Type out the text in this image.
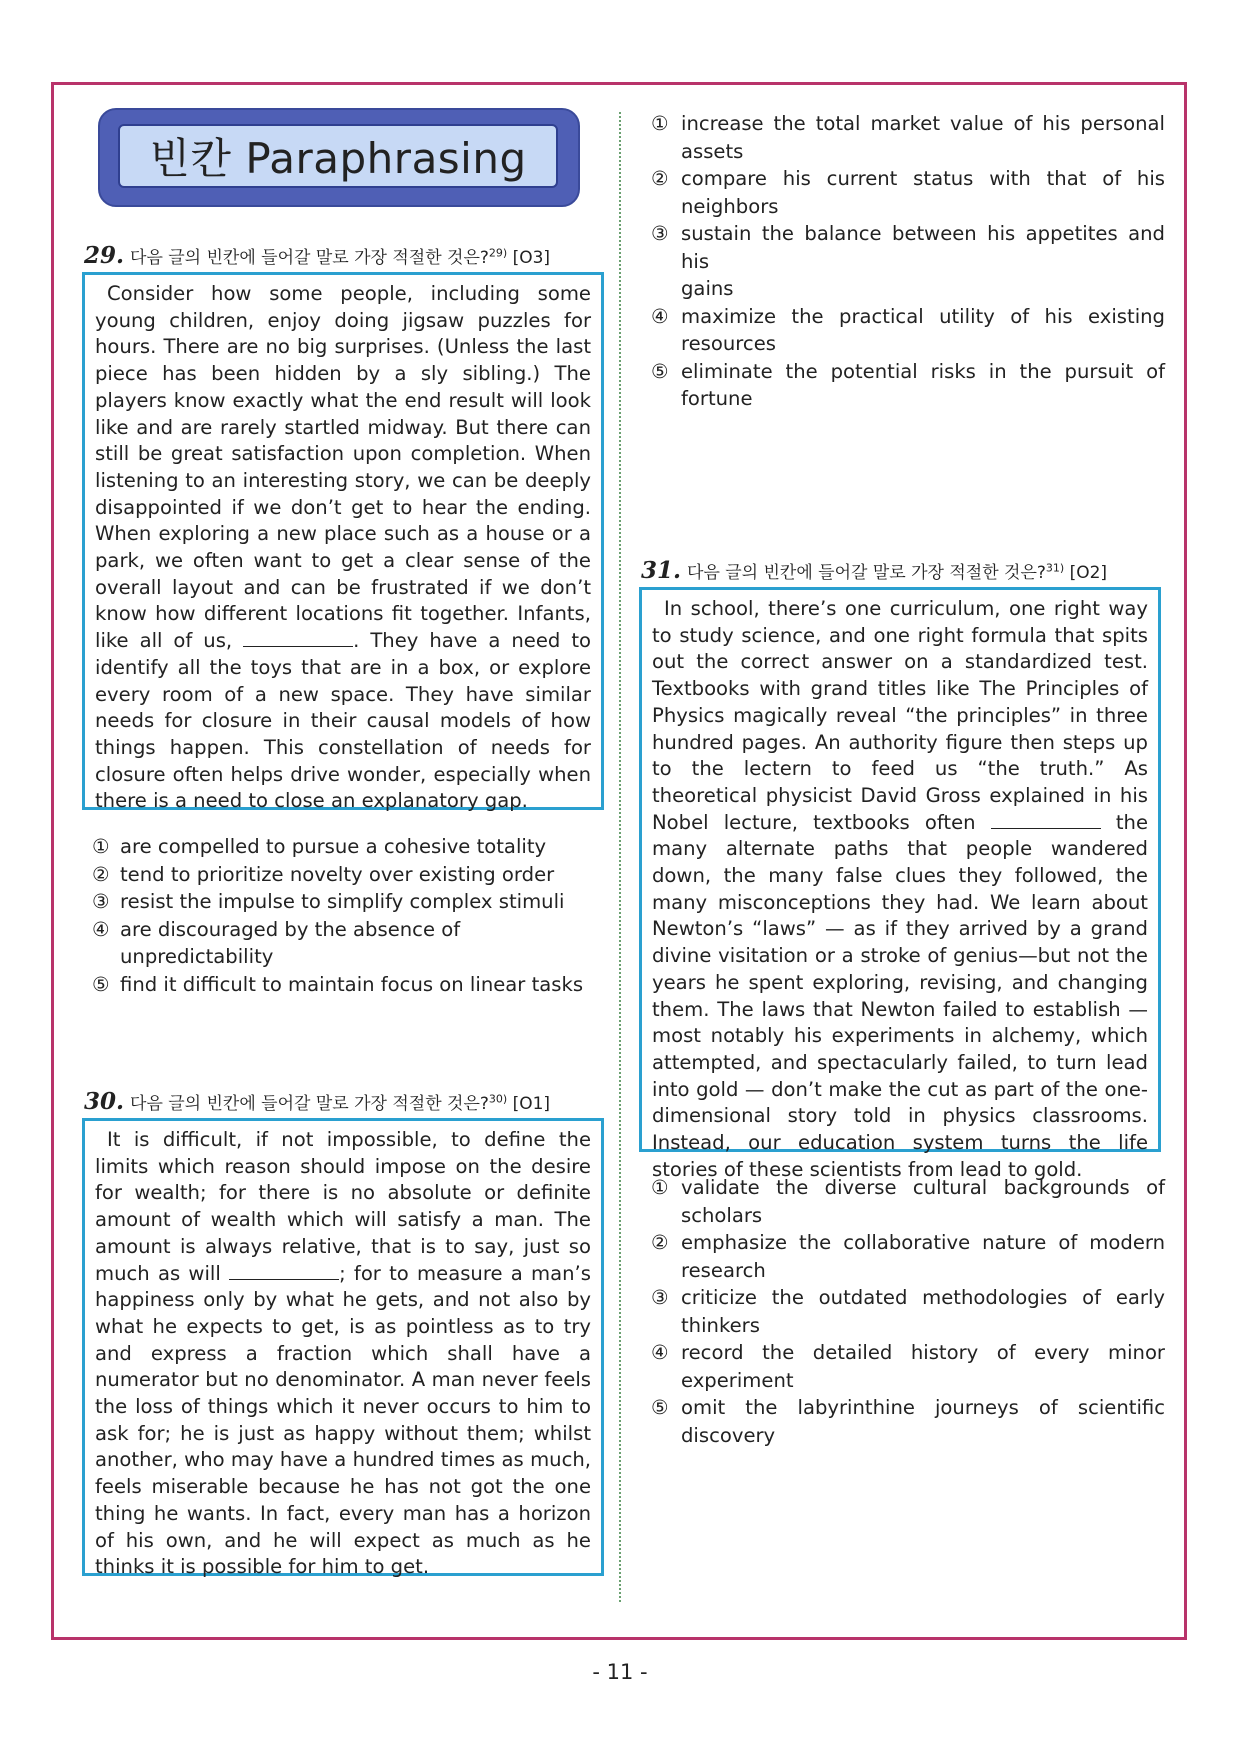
빈칸 Paraphrasing
29. 다음 글의 빈칸에 들어갈 말로 가장 적절한 것은?$^{29)}$ [O3]
Consider how some people, including some young children, enjoy doing jigsaw puzzles for hours. There are no big surprises. (Unless the last piece has been hidden by a sly sibling.) The players know exactly what the end result will look like and are rarely startled midway. But there can still be great satisfaction upon completion. When listening to an interesting story, we can be deeply disappointed if we don’t get to hear the ending. When exploring a new place such as a house or a park, we often want to get a clear sense of the overall layout and can be frustrated if we don’t know how different locations fit together. Infants, like all of us,	. They have a need to identify all the toys that are in a box, or explore every room of a new space. They have similar needs for closure in their causal models of how things happen. This constellation of needs for closure often helps drive wonder, especially when there is a need to close an explanatory gap.
① are compelled to pursue a cohesive totality
② tend to prioritize novelty over existing order
③ resist the impulse to simplify complex stimuli
④ are discouraged by the absence of unpredictability
⑤ find it difficult to maintain focus on linear tasks
30. 다음 글의 빈칸에 들어갈 말로 가장 적절한 것은?$^{30)}$ [O1]
It is difficult, if not impossible, to define the limits which reason should impose on the desire for wealth; for there is no absolute or definite amount of wealth which will satisfy a man. The amount is always relative, that is to say, just so much as will	; for to measure a man’s happiness only by what he gets, and not also by what he expects to get, is as pointless as to try and express a fraction which shall have a numerator but no denominator. A man never feels the loss of things which it never occurs to him to ask for; he is just as happy without them; whilst another, who may have a hundred times as much, feels miserable because he has not got the one thing he wants. In fact, every man has a horizon of his own, and he will expect as much as he thinks it is possible for him to get.
① increase the total market value of his personal
assets
② compare his current status with that of his
neighbors
③ sustain the balance between his appetites and his
gains
④ maximize the practical utility of his existing
resources
⑤ eliminate the potential risks in the pursuit of
fortune
31. 다음 글의 빈칸에 들어갈 말로 가장 적절한 것은?$^{31)}$ [O2]
In school, there’s one curriculum, one right way to study science, and one right formula that spits out the correct answer on a standardized test. Textbooks with grand titles like The Principles of Physics magically reveal “the principles” in three hundred pages. An authority figure then steps up to the lectern to feed us “the truth.” As theoretical physicist David Gross explained in his Nobel lecture, textbooks often	the many alternate paths that people wandered down, the many false clues they followed, the many misconceptions they had. We learn about Newton’s “laws” — as if they arrived by a grand divine visitation or a stroke of genius—but not the years he spent exploring, revising, and changing them. The laws that Newton failed to establish — most notably his experiments in alchemy, which attempted, and spectacularly failed, to turn lead into gold — don’t make the cut as part of the one-dimensional story told in physics classrooms. Instead, our education system turns the life stories of these scientists from lead to gold.
① validate the diverse cultural backgrounds of
scholars
② emphasize the collaborative nature of modern
research
③ criticize the outdated methodologies of early
thinkers
④ record the detailed history of every minor
experiment
⑤ omit the labyrinthine journeys of scientific
discovery
- 11 -
